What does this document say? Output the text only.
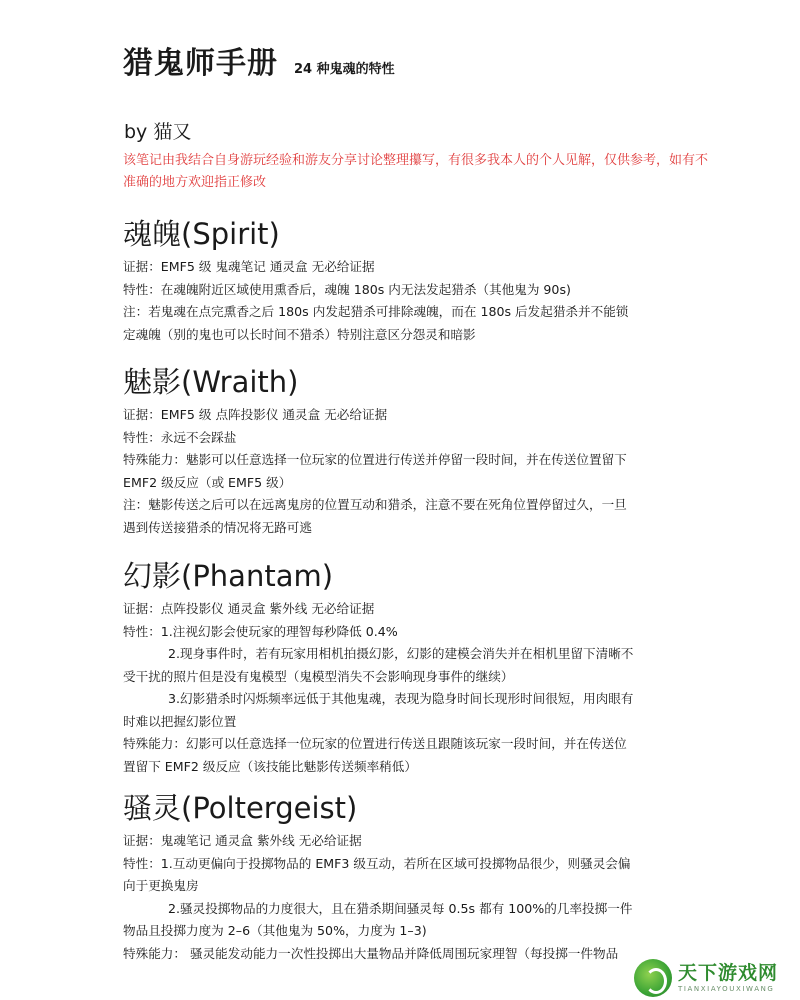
猎鬼师手册 24 种鬼魂的特性
by 猫又
该笔记由我结合自身游玩经验和游友分享讨论整理攥写，有很多我本人的个人见解，仅供参考，如有不准确的地方欢迎指正修改
魂魄(Spirit)
证据：EMF5 级 鬼魂笔记 通灵盒 无必给证据
特性：在魂魄附近区域使用熏香后，魂魄 180s 内无法发起猎杀（其他鬼为 90s)
注：若鬼魂在点完熏香之后 180s 内发起猎杀可排除魂魄，而在 180s 后发起猎杀并不能锁
定魂魄（别的鬼也可以长时间不猎杀）特别注意区分怨灵和暗影
魅影(Wraith)
证据：EMF5 级 点阵投影仪 通灵盒 无必给证据
特性：永远不会踩盐
特殊能力：魅影可以任意选择一位玩家的位置进行传送并停留一段时间，并在传送位置留下
EMF2 级反应（或 EMF5 级）
注：魅影传送之后可以在远离鬼房的位置互动和猎杀，注意不要在死角位置停留过久，一旦
遇到传送接猎杀的情况将无路可逃
幻影(Phantam)
证据：点阵投影仪 通灵盒 紫外线 无必给证据
特性：1.注视幻影会使玩家的理智每秒降低 0.4%
2.现身事件时，若有玩家用相机拍摄幻影，幻影的建模会消失并在相机里留下清晰不
受干扰的照片但是没有鬼模型（鬼模型消失不会影响现身事件的继续）
3.幻影猎杀时闪烁频率远低于其他鬼魂，表现为隐身时间长现形时间很短，用肉眼有
时难以把握幻影位置
特殊能力：幻影可以任意选择一位玩家的位置进行传送且跟随该玩家一段时间，并在传送位
置留下 EMF2 级反应（该技能比魅影传送频率稍低）
骚灵(Poltergeist)
证据：鬼魂笔记 通灵盒 紫外线 无必给证据
特性：1.互动更偏向于投掷物品的 EMF3 级互动，若所在区域可投掷物品很少，则骚灵会偏
向于更换鬼房
2.骚灵投掷物品的力度很大，且在猎杀期间骚灵每 0.5s 都有 100%的几率投掷一件
物品且投掷力度为 2–6（其他鬼为 50%，力度为 1–3)
特殊能力： 骚灵能发动能力一次性投掷出大量物品并降低周围玩家理智（每投掷一件物品
天下游戏网
TIANXIAYOUXIWANG
